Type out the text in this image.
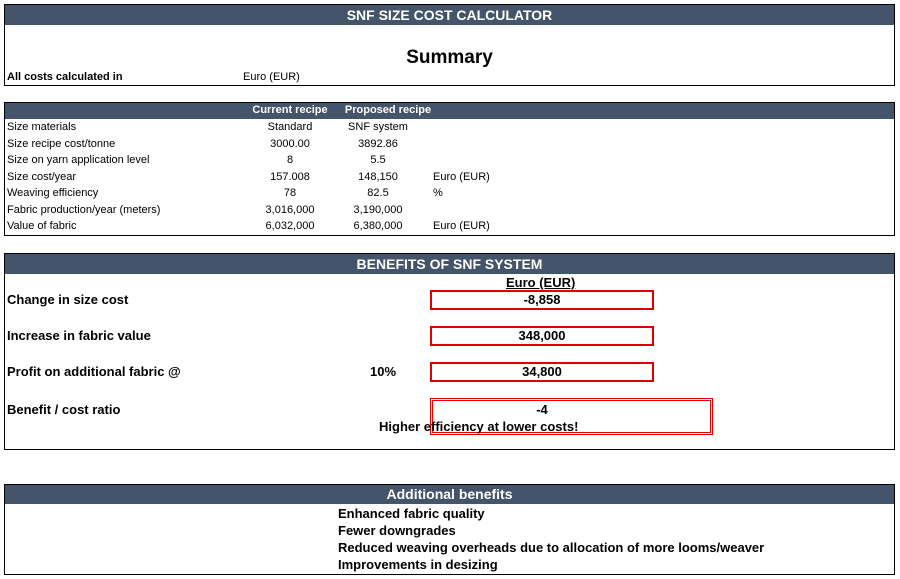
SNF SIZE COST CALCULATOR
Summary
All costs calculated in	Euro (EUR)
Current recipe	Proposed recipe
Size materials	Standard	SNF system
Size recipe cost/tonne	3000.00	3892.86
Size on yarn application level	8	5.5
Size cost/year	157.008	148,150	Euro (EUR)
Weaving efficiency	78	82.5	%
Fabric production/year (meters)	3,016,000	3,190,000
Value of fabric	6,032,000	6,380,000	Euro (EUR)
BENEFITS OF SNF SYSTEM
Euro (EUR)
Change in size cost	-8,858
Increase in fabric value	348,000
Profit on additional fabric @	10%	34,800
Benefit / cost ratio	-4
Higher efficiency at lower costs!
Additional benefits
Enhanced fabric quality
Fewer downgrades
Reduced weaving overheads due to allocation of more looms/weaver
Improvements in desizing
